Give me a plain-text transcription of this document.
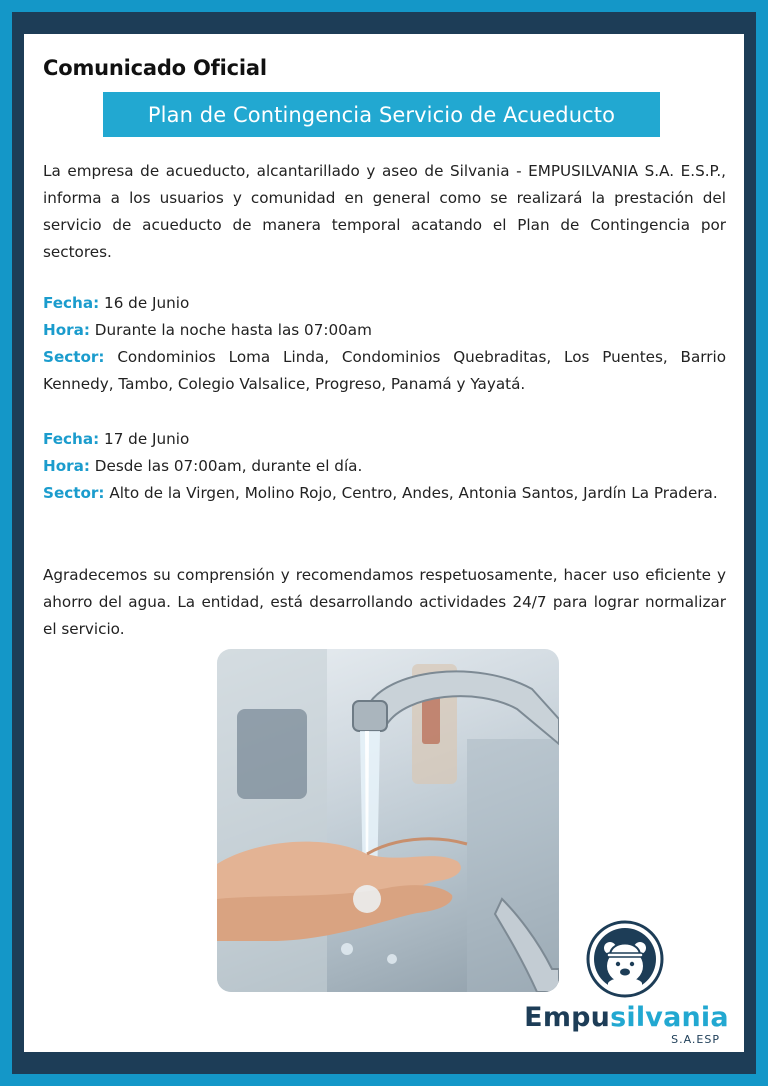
Comunicado Oficial
Plan de Contingencia Servicio de Acueducto

La empresa de acueducto, alcantarillado y aseo de Silvania - EMPUSILVANIA S.A. E.S.P., informa a los usuarios y comunidad en general como se realizará la prestación del servicio de acueducto de manera temporal acatando el Plan de Contingencia por sectores.

Fecha: 16 de Junio
Hora: Durante la noche hasta las 07:00am
Sector: Condominios Loma Linda, Condominios Quebraditas, Los Puentes, Barrio Kennedy, Tambo, Colegio Valsalice, Progreso, Panamá y Yayatá.
Fecha: 17 de Junio
Hora: Desde las 07:00am, durante el día.
Sector: Alto de la Virgen, Molino Rojo, Centro, Andes, Antonia Santos, Jardín La Pradera.

Agradecemos su comprensión y recomendamos respetuosamente, hacer uso eficiente y ahorro del agua. La entidad, está desarrollando actividades 24/7 para lograr normalizar el servicio.

Empusilvania
S.A.ESP
